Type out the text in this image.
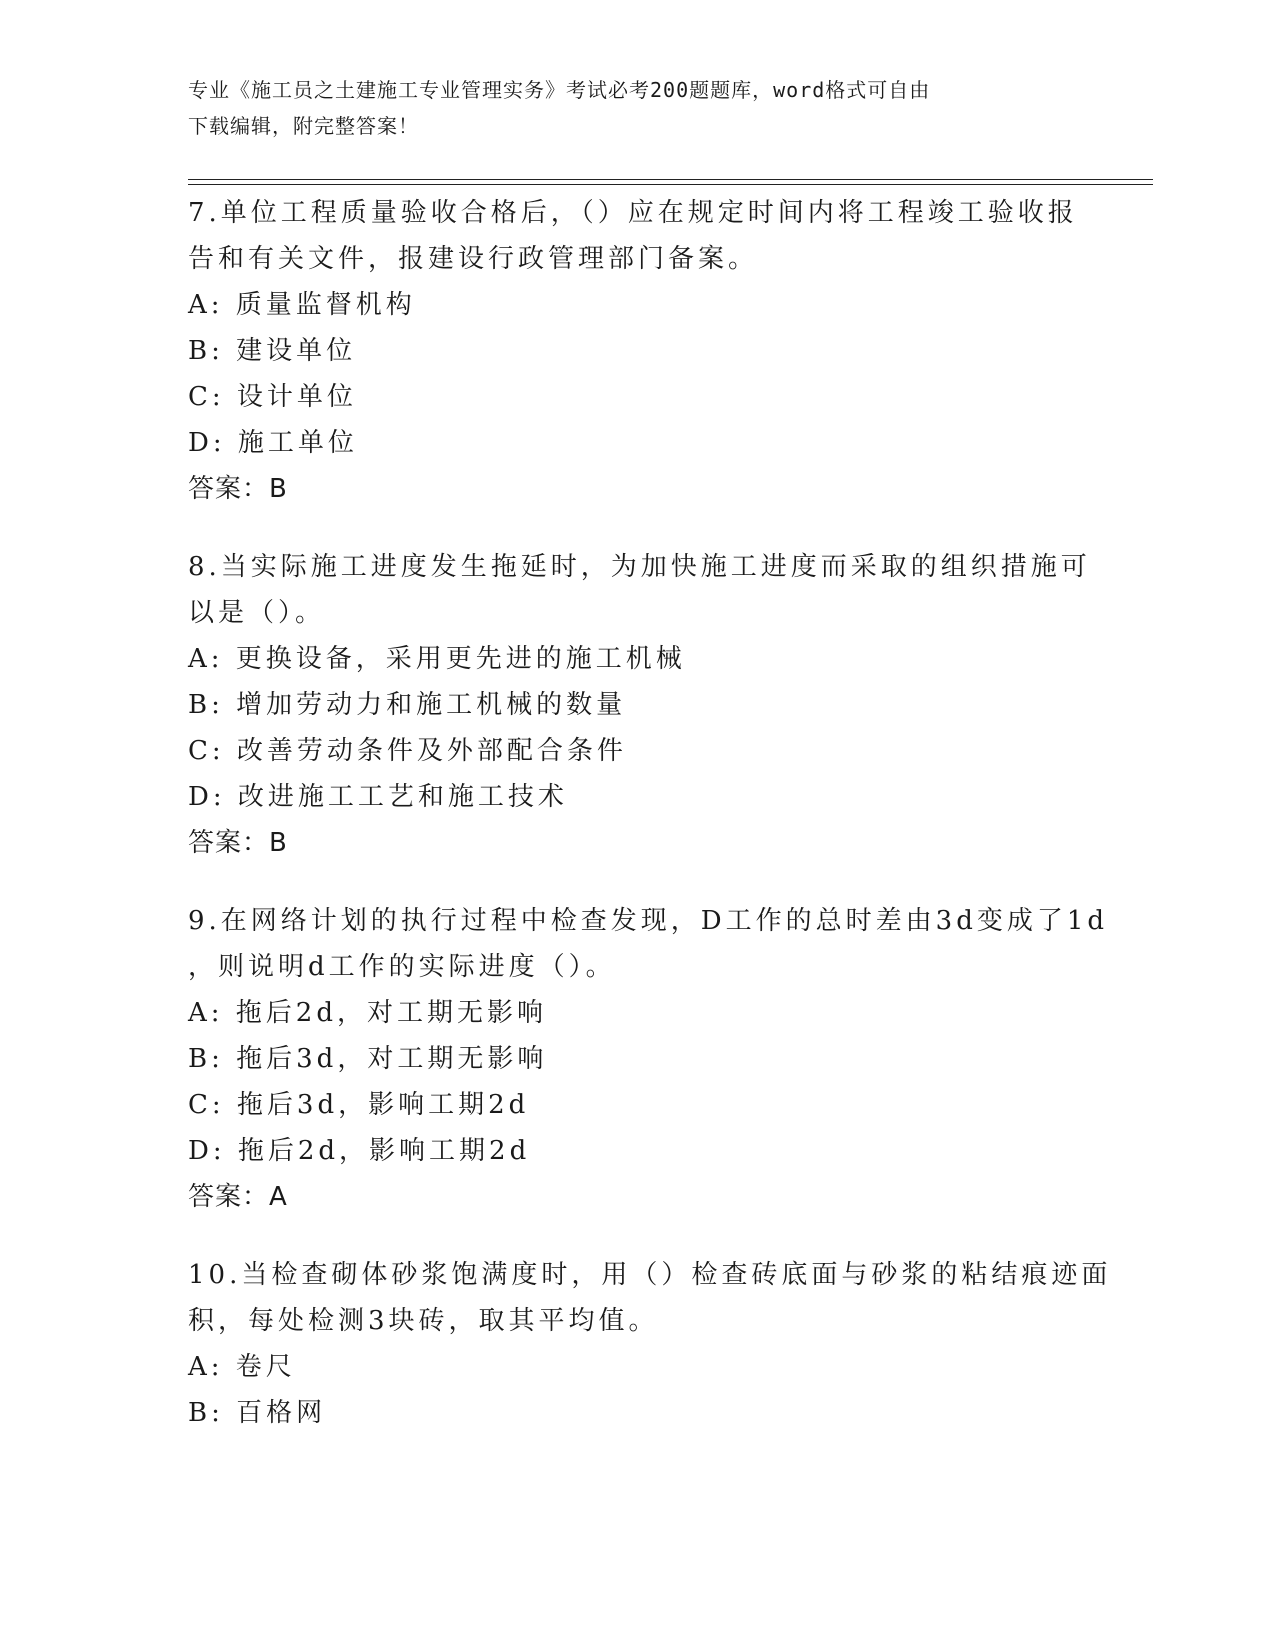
专业《施工员之土建施工专业管理实务》考试必考200题题库，word格式可自由
下载编辑，附完整答案！
7.单位工程质量验收合格后，（）应在规定时间内将工程竣工验收报
告和有关文件，报建设行政管理部门备案。
A: 质量监督机构
B: 建设单位
C: 设计单位
D: 施工单位
答案：B
8.当实际施工进度发生拖延时，为加快施工进度而采取的组织措施可
以是（）。
A: 更换设备，采用更先进的施工机械
B: 增加劳动力和施工机械的数量
C: 改善劳动条件及外部配合条件
D: 改进施工工艺和施工技术
答案：B
9.在网络计划的执行过程中检查发现，D工作的总时差由3d变成了1d
，则说明d工作的实际进度（）。
A: 拖后2d，对工期无影响
B: 拖后3d，对工期无影响
C: 拖后3d，影响工期2d
D: 拖后2d，影响工期2d
答案：A
10.当检查砌体砂浆饱满度时，用（）检查砖底面与砂浆的粘结痕迹面
积，每处检测3块砖，取其平均值。
A: 卷尺
B: 百格网
